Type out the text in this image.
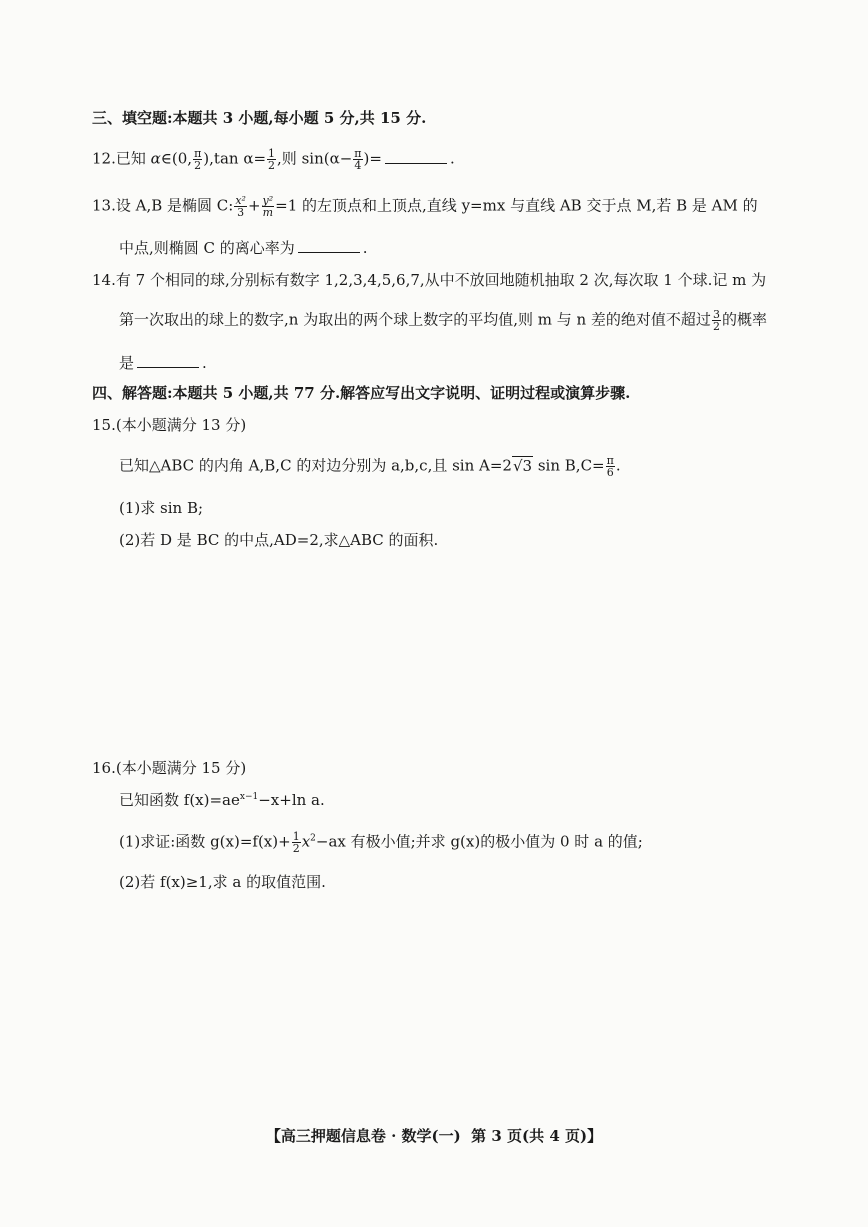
三、填空题:本题共 3 小题,每小题 5 分,共 15 分.
12.已知 α∈(0, $\frac{\pi}{2} ),\tan$ $\alpha= \frac{1}{2}$ ,则 $\sin(\alpha- \frac{\pi}{4}$ )=	.
13.设 A,B 是椭圆 C: $\frac{\text{x²}}{3} + \frac{\text{y²}}{m} =1$ 的左顶点和上顶点,直线 y=mx 与直线 AB 交于点 M,若 B 是 AM 的
中点,则椭圆 C 的离心率为	.
14.有 7 个相同的球,分别标有数字 1,2,3,4,5,6,7,从中不放回地随机抽取 2 次,每次取 1 个球.记 m 为
第一次取出的球上的数字,n 为取出的两个球上数字的平均值,则 m 与 n 差的绝对值不超过 $\frac{3}{2}$ 的概率
是	.
四、解答题:本题共 5 小题,共 77 分.解答应写出文字说明、证明过程或演算步骤.
15.(本小题满分 13 分)
已知△ABC 的内角 A,B,C 的对边分别为 a,b,c,且 sin A=2√3 $\sin B,C= \frac{\pi}{6}$ .
(1)求 sin B;
(2)若 D 是 BC 的中点,AD=2,求△ABC 的面积.
16.(本小题满分 15 分)
已知函数 $f(x)=ae^{x-1}-x+\ln$ a.
(1)求证:函数 $g(x)=f(x)+ \frac{1}{2} x^2-ax$ 有极小值;并求 g(x)的极小值为 0 时 a 的值;
(2)若 f(x)≥1,求 a 的取值范围.
【高三押题信息卷 · 数学(一) 第 3 页(共 4 页)】
